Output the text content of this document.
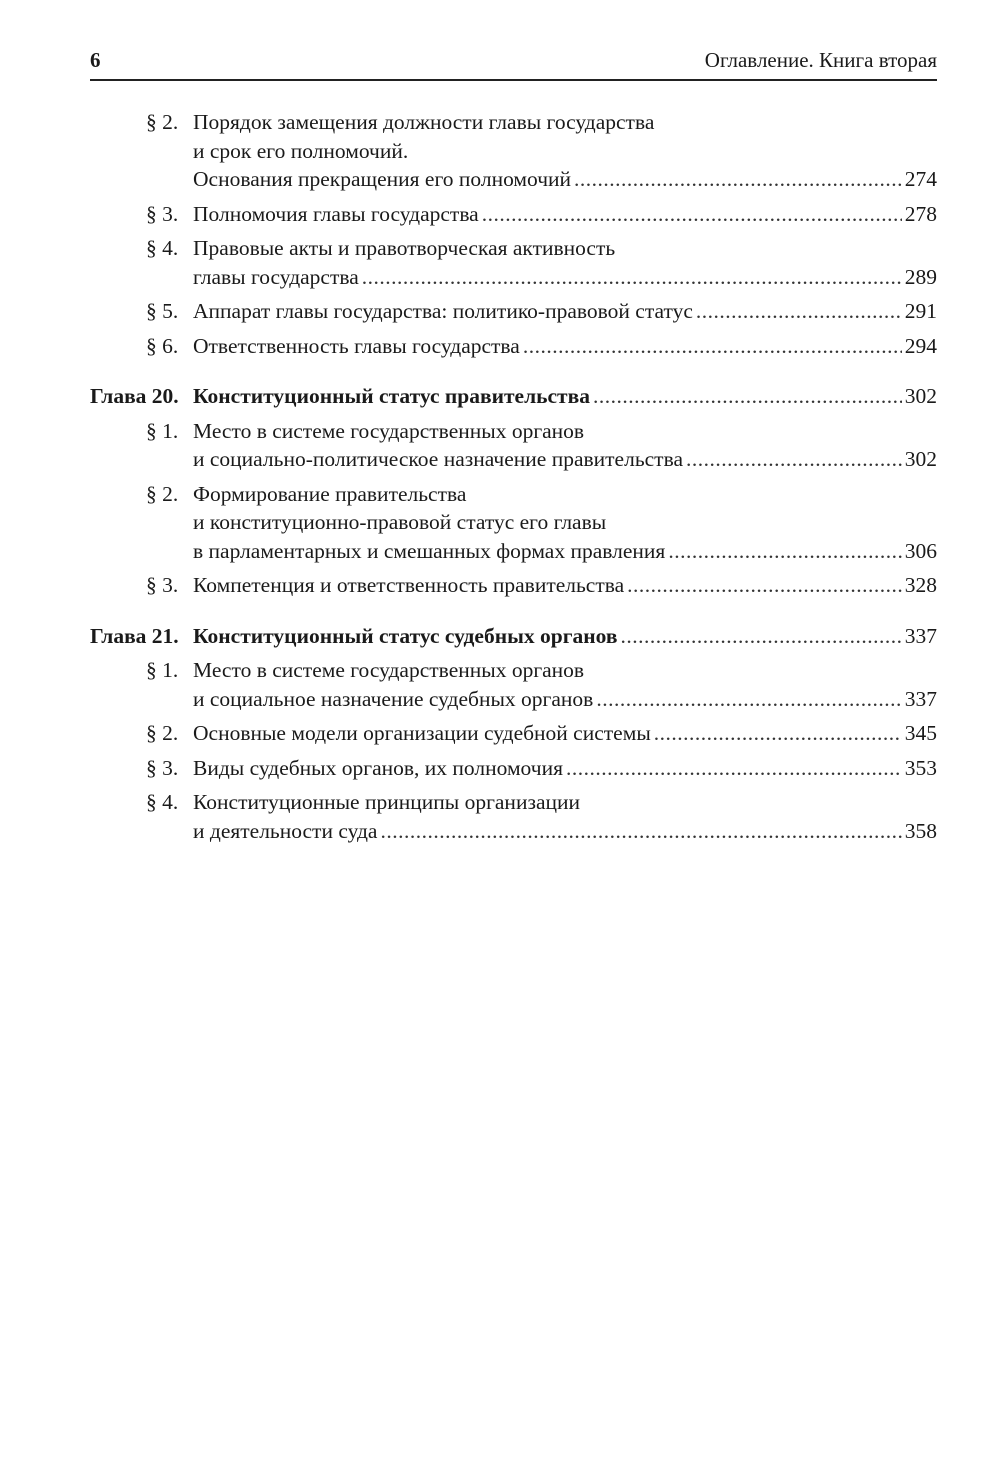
6	Оглавление. Книга вторая
§ 2. Порядок замещения должности главы государства
и срок его полномочий.
Основания прекращения его полномочий .....	274
§ 3. Полномочия главы государства .....	278
§ 4. Правовые акты и правотворческая активность
главы государства .....	289
§ 5. Аппарат главы государства: политико-правовой статус .....	291
§ 6. Ответственность главы государства .....	294
Глава 20. Конституционный статус правительства .....	302
§ 1. Место в системе государственных органов
и социально-политическое назначение правительства .....	302
§ 2. Формирование правительства
и конституционно-правовой статус его главы
в парламентарных и смешанных формах правления .....	306
§ 3. Компетенция и ответственность правительства .....	328
Глава 21. Конституционный статус судебных органов .....	337
§ 1. Место в системе государственных органов
и социальное назначение судебных органов .....	337
§ 2. Основные модели организации судебной системы .....	345
§ 3. Виды судебных органов, их полномочия .....	353
§ 4. Конституционные принципы организации
и деятельности суда .....	358
